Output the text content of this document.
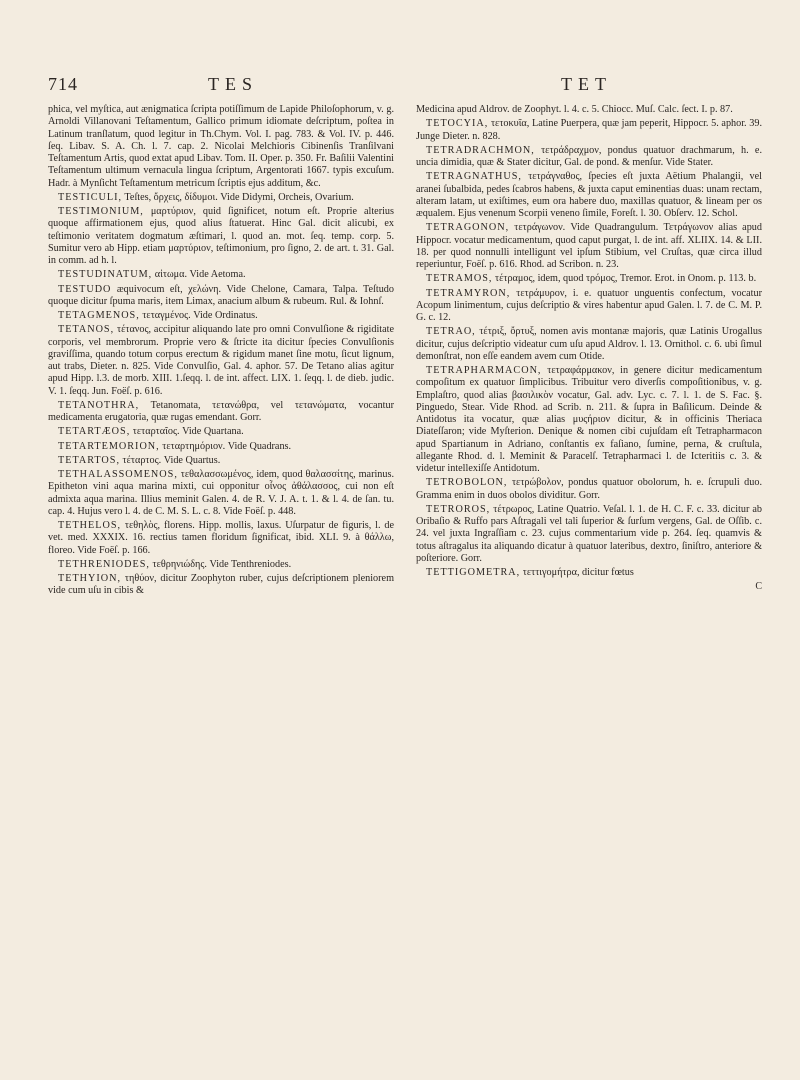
714	TES	TET

phica, vel myſtica, aut ænigmatica ſcripta potiſſimum de Lapide Philoſophorum, v. g. Arnoldi Villanovani Teſtamentum, Gallico primum idiomate deſcriptum, poſtea in Latinum tranſlatum, quod legitur in Th.Chym. Vol. I. pag. 783. & Vol. IV. p. 446. ſeq. Libav. S. A. Ch. l. 7. cap. 2. Nicolai Melchioris Cibinenſis Tranſilvani Teſtamentum Artis, quod extat apud Libav. Tom. II. Oper. p. 350. Fr. Baſilii Valentini Teſtamentum ultimum vernacula lingua ſcriptum, Argentorati 1667. typis excuſum. Hadr. à Mynſicht Teſtamentum metricum ſcriptis ejus additum, &c.

TESTICULI, Teſtes, ὄρχεις, δίδυμοι. Vide Didymi, Orcheis, Ovarium.

TESTIMONIUM, μαρτύριον, quid ſignificet, notum eſt. Proprie alterius quoque affirmationem ejus, quod alius ſtatuerat. Hinc Gal. dicit alicubi, ex teſtimonio veritatem dogmatum æſtimari, l. quod an. mot. ſeq. temp. corp. 5. Sumitur vero ab Hipp. etiam μαρτύριον, teſtimonium, pro ſigno, 2. de art. t. 31. Gal. in comm. ad h. l.

TESTUDINATUM, αἰτωμα. Vide Aetoma.

TESTUDO æquivocum eſt, χελώνη. Vide Chelone, Camara, Talpa. Teſtudo quoque dicitur ſpuma maris, item Limax, anacium album & rubeum. Rul. & Iohnſ.

TETAGMENOS, τεταγμένος. Vide Ordinatus.

TETANOS, τέτανος, accipitur aliquando late pro omni Convulſione & rigiditate corporis, vel membrorum. Proprie vero & ſtricte ita dicitur ſpecies Convulſionis graviſſima, quando totum corpus erectum & rigidum manet ſine motu, ſicut lignum, aut trabs, Dieter. n. 825. Vide Convulſio, Gal. 4. aphor. 57. De Tetano alias agitur apud Hipp. l.3. de morb. XIII. 1.ſeqq. l. de int. affect. LIX. 1. ſeqq. l. de dieb. judic. V. 1. ſeqq. Jun. Foëſ. p. 616.

TETANOTHRA, Tetanomata, τετανώθρα, vel τετανώματα, vocantur medicamenta erugatoria, quæ rugas emendant. Gorr.

TETARTÆOS, τεταρταῖος. Vide Quartana.

TETARTEMORION, τεταρτημόριον. Vide Quadrans.

TETARTOS, τέταρτος. Vide Quartus.

TETHALASSOMENOS, τεθαλασσωμένος, idem, quod θαλασσίτης, marinus. Epitheton vini aqua marina mixti, cui opponitur οἶνος ἀθάλασσος, cui non eſt admixta aqua marina. Illius meminit Galen. 4. de R. V. J. A. t. 1. & l. 4. de ſan. tu. cap. 4. Hujus vero l. 4. de C. M. S. L. c. 8. Vide Foëſ. p. 448.

TETHELOS, τεθηλὸς, florens. Hipp. mollis, laxus. Uſurpatur de figuris, l. de vet. med. XXXIX. 16. rectius tamen floridum ſignificat, ibid. XLI. 9. à θάλλω, floreo. Vide Foëſ. p. 166.

TETHRENIODES, τεθρηνιώδης. Vide Tenthreniodes.

TETHYION, τηθύον, dicitur Zoophyton ruber, cujus deſcriptionem pleniorem vide cum uſu in cibis &

Medicina apud Aldrov. de Zoophyt. l. 4. c. 5. Chiocc. Muſ. Calc. ſect. I. p. 87.

TETOCYIA, τετοκυῖα, Latine Puerpera, quæ jam peperit, Hippocr. 5. aphor. 39. Junge Dieter. n. 828.

TETRADRACHMON, τετράδραχμον, pondus quatuor drachmarum, h. e. uncia dimidia, quæ & Stater dicitur, Gal. de pond. & menſur. Vide Stater.

TETRAGNATHUS, τετράγναθος, ſpecies eſt juxta Aëtium Phalangii, vel aranei ſubalbida, pedes ſcabros habens, & juxta caput eminentias duas: unam rectam, alteram latam, ut exiſtimes, eum ora habere duo, maxillas quatuor, & lineam per os æqualem. Ejus venenum Scorpii veneno ſimile, Foreſt. l. 30. Obſerv. 12. Schol.

TETRAGONON, τετράγωνον. Vide Quadrangulum. Τετράγωνον alias apud Hippocr. vocatur medicamentum, quod caput purgat, l. de int. aff. XLIIX. 14. & LII. 18. per quod nonnulli intelligunt vel ipſum Stibium, vel Cruſtas, quæ circa illud reperiuntur, Foëſ. p. 616. Rhod. ad Scribon. n. 23.

TETRAMOS, τέτραμος, idem, quod τρόμος, Tremor. Erot. in Onom. p. 113. b.

TETRAMYRON, τετράμυρον, i. e. quatuor unguentis confectum, vocatur Acopum linimentum, cujus deſcriptio & vires habentur apud Galen. l. 7. de C. M. P. G. c. 12.

TETRAO, τέτριξ, ὄρτυξ, nomen avis montanæ majoris, quæ Latinis Urogallus dicitur, cujus deſcriptio videatur cum uſu apud Aldrov. l. 13. Ornithol. c. 6. ubi ſimul demonſtrat, non eſſe eandem avem cum Otide.

TETRAPHARMACON, τετραφάρμακον, in genere dicitur medicamentum compoſitum ex quatuor ſimplicibus. Tribuitur vero diverſis compoſitionibus, v. g. Emplaſtro, quod alias βασιλικὸν vocatur, Gal. adv. Lyc. c. 7. l. 1. de S. Fac. §. Pinguedo, Stear. Vide Rhod. ad Scrib. n. 211. & ſupra in Baſilicum. Deinde & Antidotus ita vocatur, quæ alias μυςήριον dicitur, & in officinis Theriaca Diateſſaron; vide Myſterion. Denique & nomen cibi cujuſdam eſt Tetrapharmacon apud Spartianum in Adriano, conſtantis ex faſiano, ſumine, perna, & cruſtula, allegante Rhod. d. l. Meminit & Paracelſ. Tetrapharmaci l. de Icteritiis c. 3. & videtur intellexiſſe Antidotum.

TETROBOLON, τετρώβολον, pondus quatuor obolorum, h. e. ſcrupuli duo. Gramma enim in duos obolos dividitur. Gorr.

TETROROS, τέτρωρος, Latine Quatrio. Veſal. l. 1. de H. C. F. c. 33. dicitur ab Oribaſio & Ruffo pars Aſtragali vel tali ſuperior & ſurſum vergens, Gal. de Oſſib. c. 24. vel juxta Ingraſſiam c. 23. cujus commentarium vide p. 264. ſeq. quamvis & totus aſtragalus ita aliquando dicatur à quatuor lateribus, dextro, ſiniſtro, anteriore & poſteriore. Gorr.

TETTIGOMETRA, τεττιγομήτρα, dicitur fœtus

C
